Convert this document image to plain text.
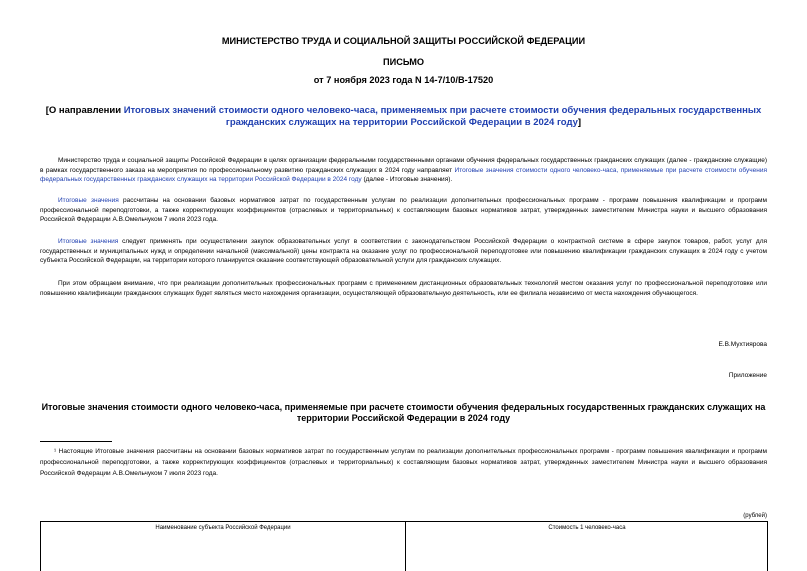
МИНИСТЕРСТВО ТРУДА И СОЦИАЛЬНОЙ ЗАЩИТЫ РОССИЙСКОЙ ФЕДЕРАЦИИ
ПИСЬМО
от 7 ноября 2023 года N 14-7/10/В-17520
[О направлении Итоговых значений стоимости одного человеко-часа, применяемых при расчете стоимости обучения федеральных государственных гражданских служащих на территории Российской Федерации в 2024 году]
Министерство труда и социальной защиты Российской Федерации в целях организации федеральными государственными органами обучения федеральных государственных гражданских служащих (далее - гражданские служащие) в рамках государственного заказа на мероприятия по профессиональному развитию гражданских служащих в 2024 году направляет Итоговые значения стоимости одного человеко-часа, применяемые при расчете стоимости обучения федеральных государственных гражданских служащих на территории Российской Федерации в 2024 году (далее - Итоговые значения).
Итоговые значения рассчитаны на основании базовых нормативов затрат по государственным услугам по реализации дополнительных профессиональных программ - программ повышения квалификации и программ профессиональной переподготовки, а также корректирующих коэффициентов (отраслевых и территориальных) к составляющим базовых нормативов затрат, утвержденных заместителем Министра науки и высшего образования Российской Федерации А.В.Омельчуком 7 июля 2023 года.
Итоговые значения следует применять при осуществлении закупок образовательных услуг в соответствии с законодательством Российской Федерации о контрактной системе в сфере закупок товаров, работ, услуг для государственных и муниципальных нужд и определении начальной (максимальной) цены контракта на оказание услуг по профессиональной переподготовке или повышению квалификации гражданских служащих в 2024 году с учетом субъекта Российской Федерации, на территории которого планируется оказание соответствующей образовательной услуги для гражданских служащих.
При этом обращаем внимание, что при реализации дополнительных профессиональных программ с применением дистанционных образовательных технологий местом оказания услуг по профессиональной переподготовке или повышению квалификации гражданских служащих будет являться место нахождения организации, осуществляющей образовательную деятельность, или ее филиала независимо от места нахождения обучающегося.
Е.В.Мухтиярова
Приложение
Итоговые значения стоимости одного человеко-часа, применяемые при расчете стоимости обучения федеральных государственных гражданских служащих на территории Российской Федерации в 2024 году
¹ Настоящие Итоговые значения рассчитаны на основании базовых нормативов затрат по государственным услугам по реализации дополнительных профессиональных программ - программ повышения квалификации и программ профессиональной переподготовки, а также корректирующих коэффициентов (отраслевых и территориальных) к составляющим базовых нормативов затрат, утвержденных заместителем Министра науки и высшего образования Российской Федерации А.В.Омельчуком 7 июля 2023 года.
(рублей)
Наименование субъекта Российской Федерации	Стоимость 1 человеко-часа
